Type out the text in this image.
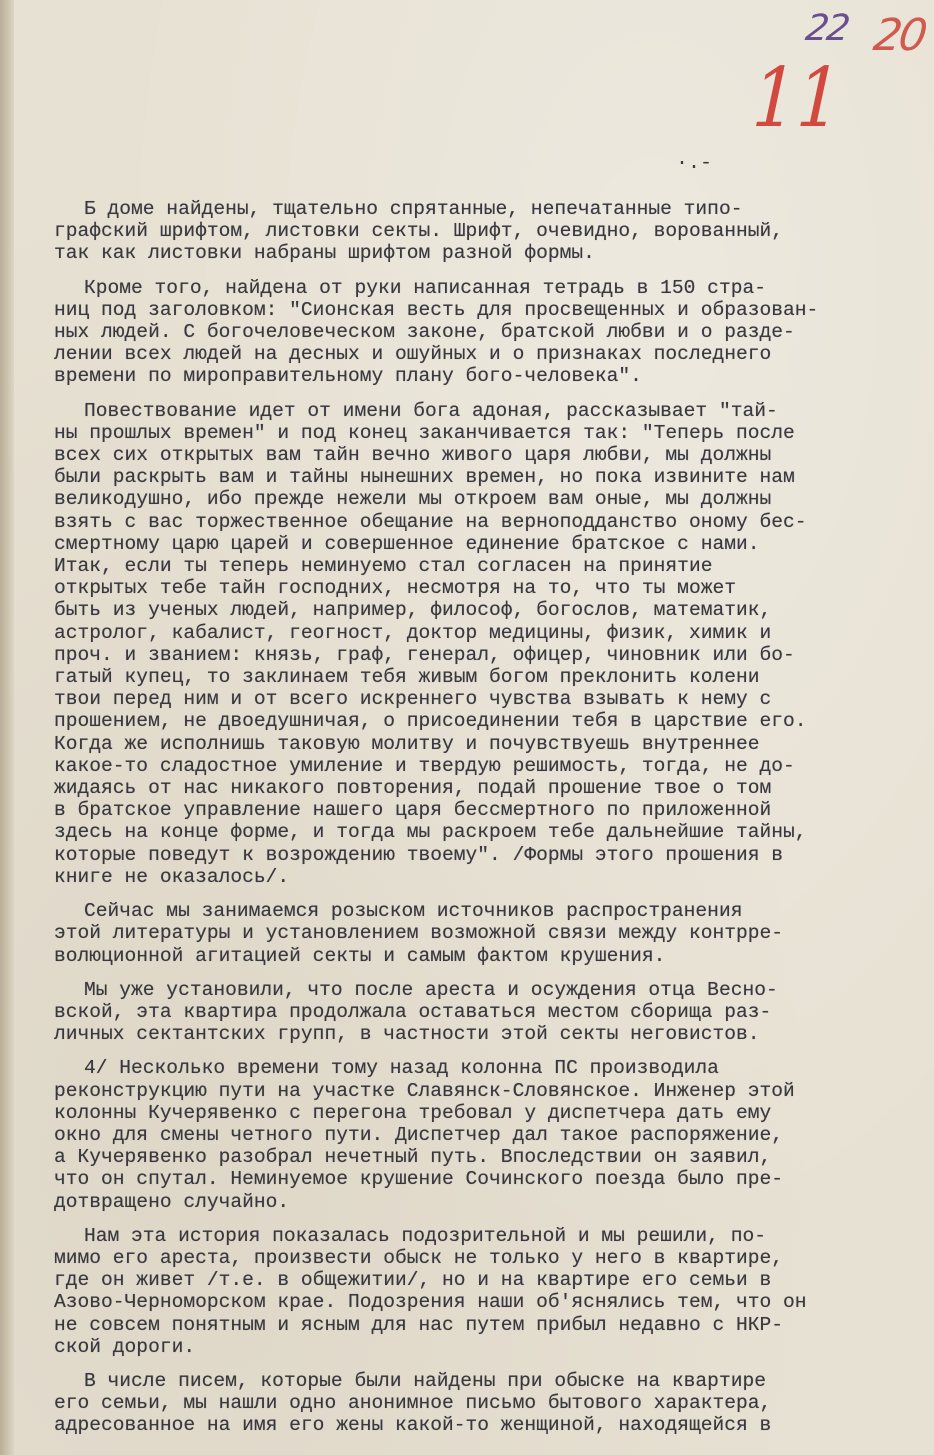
22 20
11
·.-
Б доме найдены, тщательно спрятанные, непечатанные типо-
графский шрифтом, листовки секты. Шрифт, очевидно, ворованный,
так как листовки набраны шрифтом разной формы.
Кроме того, найдена от руки написанная тетрадь в 150 стра-
ниц под заголовком: "Сионская весть для просвещенных и образован-
ных людей. С богочеловеческом законе, братской любви и о разде-
лении всех людей на десных и ошуйных и о признаках последнего
времени по мироправительному плану бого-человека".
Повествование идет от имени бога адоная, рассказывает "тай-
ны прошлых времен" и под конец заканчивается так: "Теперь после
всех сих открытых вам тайн вечно живого царя любви, мы должны
были раскрыть вам и тайны нынешних времен, но пока извините нам
великодушно, ибо прежде нежели мы откроем вам оные, мы должны
взять с вас торжественное обещание на верноподданство оному бес-
смертному царю царей и совершенное единение братское с нами.
Итак, если ты теперь неминуемо стал согласен на принятие
открытых тебе тайн господних, несмотря на то, что ты может
быть из ученых людей, например, философ, богослов, математик,
астролог, кабалист, геогност, доктор медицины, физик, химик и
проч. и званием: князь, граф, генерал, офицер, чиновник или бо-
гатый купец, то заклинаем тебя живым богом преклонить колени
твои перед ним и от всего искреннего чувства взывать к нему с
прошением, не двоедушничая, о присоединении тебя в царствие его.
Когда же исполнишь таковую молитву и почувствуешь внутреннее
какое-то сладостное умиление и твердую решимость, тогда, не до-
жидаясь от нас никакого повторения, подай прошение твое о том
в братское управление нашего царя бессмертного по приложенной
здесь на конце форме, и тогда мы раскроем тебе дальнейшие тайны,
которые поведут к возрождению твоему". /Формы этого прошения в
книге не оказалось/.
Сейчас мы занимаемся розыском источников распространения
этой литературы и установлением возможной связи между контрре-
волюционной агитацией секты и самым фактом крушения.
Мы уже установили, что после ареста и осуждения отца Весно-
вской, эта квартира продолжала оставаться местом сборища раз-
личных сектантских групп, в частности этой секты неговистов.
4/ Несколько времени тому назад колонна ПС производила
реконструкцию пути на участке Славянск-Словянское. Инженер этой
колонны Кучерявенко с перегона требовал у диспетчера дать ему
окно для смены четного пути. Диспетчер дал такое распоряжение,
а Кучерявенко разобрал нечетный путь. Впоследствии он заявил,
что он спутал. Неминуемое крушение Сочинского поезда было пре-
дотвращено случайно.
Нам эта история показалась подозрительной и мы решили, по-
мимо его ареста, произвести обыск не только у него в квартире,
где он живет /т.е. в общежитии/, но и на квартире его семьи в
Азово-Черноморском крае. Подозрения наши об'яснялись тем, что он
не совсем понятным и ясным для нас путем прибыл недавно с НКР-
ской дороги.
В числе писем, которые были найдены при обыске на квартире
его семьи, мы нашли одно анонимное письмо бытового характера,
адресованное на имя его жены какой-то женщиной, находящейся в
